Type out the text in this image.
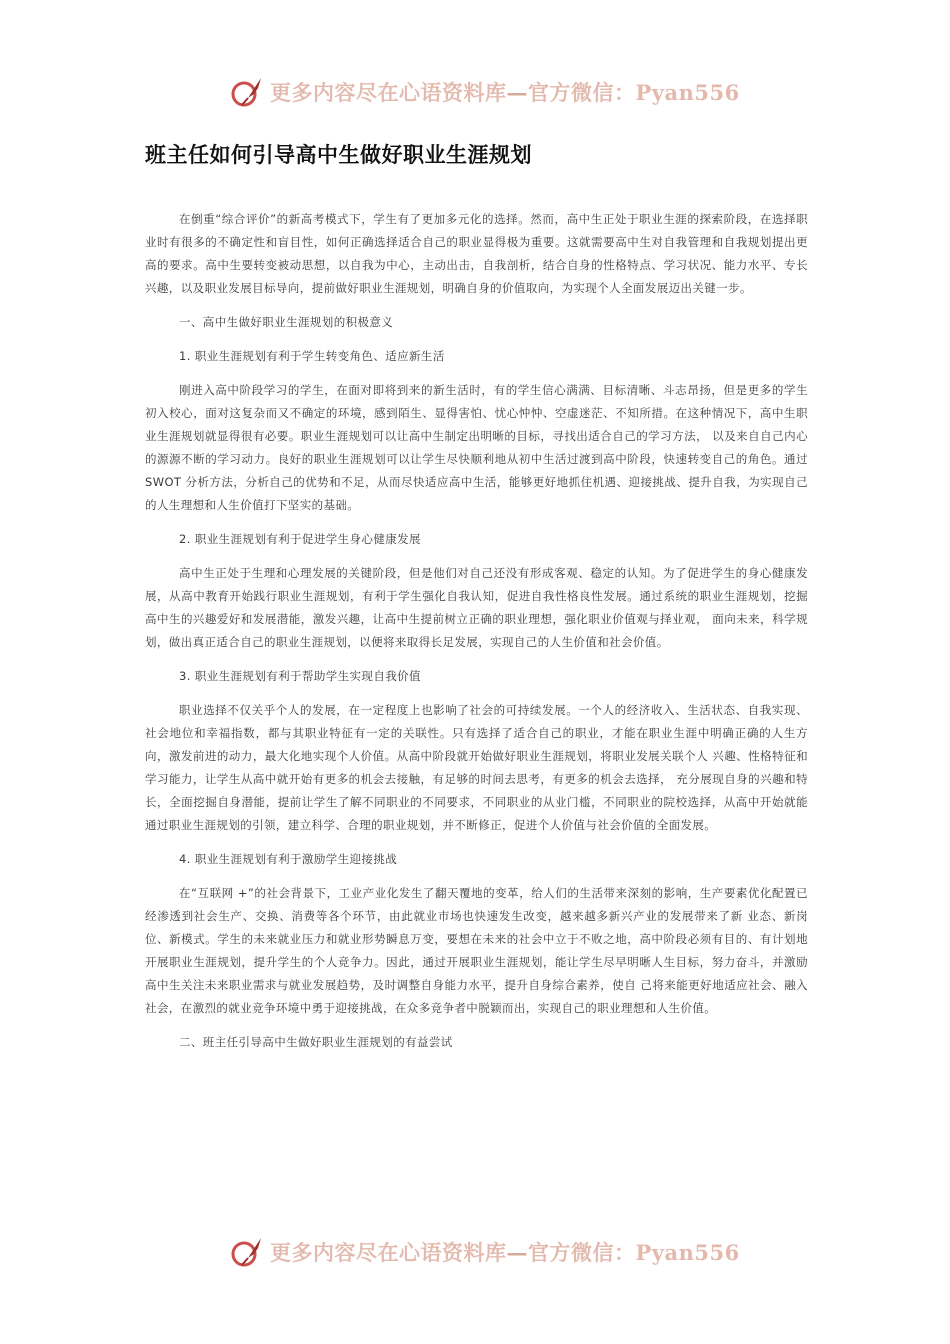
更多内容尽在心语资料库—官方微信：Pyan556
班主任如何引导高中生做好职业生涯规划

在倒重“综合评价”的新高考模式下，学生有了更加多元化的选择。然而，高中生正处于职业生涯的探索阶段，在选择职业时有很多的不确定性和盲目性，如何正确选择适合自己的职业显得极为重要。这就需要高中生对自我管理和自我规划提出更高的要求。高中生要转变被动思想，以自我为中心，主动出击，自我剖析，结合自身的性格特点、学习状况、能力水平、专长兴趣，以及职业发展目标导向，提前做好职业生涯规划，明确自身的价值取向，为实现个人全面发展迈出关键一步。

一、高中生做好职业生涯规划的积极意义
1. 职业生涯规划有利于学生转变角色、适应新生活

刚进入高中阶段学习的学生，在面对即将到来的新生活时，有的学生信心满满、目标清晰、斗志昂扬，但是更多的学生初入校心，面对这复杂而又不确定的环境，感到陌生、显得害怕、忧心忡忡、空虚迷茫、不知所措。在这种情况下，高中生职业生涯规划就显得很有必要。职业生涯规划可以让高中生制定出明晰的目标，寻找出适合自己的学习方法， 以及来自自己内心的源源不断的学习动力。良好的职业生涯规划可以让学生尽快顺利地从初中生活过渡到高中阶段，快速转变自己的角色。通过 SWOT 分析方法，分析自己的优势和不足，从而尽快适应高中生活，能够更好地抓住机遇、迎接挑战、提升自我，为实现自己的人生理想和人生价值打下坚实的基础。

2. 职业生涯规划有利于促进学生身心健康发展

高中生正处于生理和心理发展的关键阶段，但是他们对自己还没有形成客观、稳定的认知。为了促进学生的身心健康发展，从高中教育开始践行职业生涯规划，有利于学生强化自我认知，促进自我性格良性发展。通过系统的职业生涯规划，挖掘高中生的兴趣爱好和发展潜能，激发兴趣，让高中生提前树立正确的职业理想，强化职业价值观与择业观， 面向未来，科学规划，做出真正适合自己的职业生涯规划，以便将来取得长足发展，实现自己的人生价值和社会价值。

3. 职业生涯规划有利于帮助学生实现自我价值

职业选择不仅关乎个人的发展，在一定程度上也影响了社会的可持续发展。一个人的经济收入、生活状态、自我实现、社会地位和幸福指数，都与其职业特征有一定的关联性。只有选择了适合自己的职业，才能在职业生涯中明确正确的人生方向，激发前进的动力，最大化地实现个人价值。从高中阶段就开始做好职业生涯规划，将职业发展关联个人 兴趣、性格特征和学习能力，让学生从高中就开始有更多的机会去接触，有足够的时间去思考，有更多的机会去选择， 充分展现自身的兴趣和特长，全面挖掘自身潜能，提前让学生了解不同职业的不同要求，不同职业的从业门槛，不同职业的院校选择，从高中开始就能通过职业生涯规划的引领，建立科学、合理的职业规划，并不断修正，促进个人价值与社会价值的全面发展。

4. 职业生涯规划有利于激励学生迎接挑战

在“互联网 +”的社会背景下，工业产业化发生了翻天覆地的变革，给人们的生活带来深刻的影响，生产要素优化配置已经渗透到社会生产、交换、消费等各个环节，由此就业市场也快速发生改变，越来越多新兴产业的发展带来了新 业态、新岗位、新模式。学生的未来就业压力和就业形势瞬息万变，要想在未来的社会中立于不败之地，高中阶段必须有目的、有计划地开展职业生涯规划，提升学生的个人竞争力。因此，通过开展职业生涯规划，能让学生尽早明晰人生目标，努力奋斗，并激励高中生关注未来职业需求与就业发展趋势，及时调整自身能力水平，提升自身综合素养，使自 己将来能更好地适应社会、融入社会，在激烈的就业竞争环境中勇于迎接挑战，在众多竞争者中脱颖而出，实现自己的职业理想和人生价值。

二、班主任引导高中生做好职业生涯规划的有益尝试
更多内容尽在心语资料库—官方微信：Pyan556
